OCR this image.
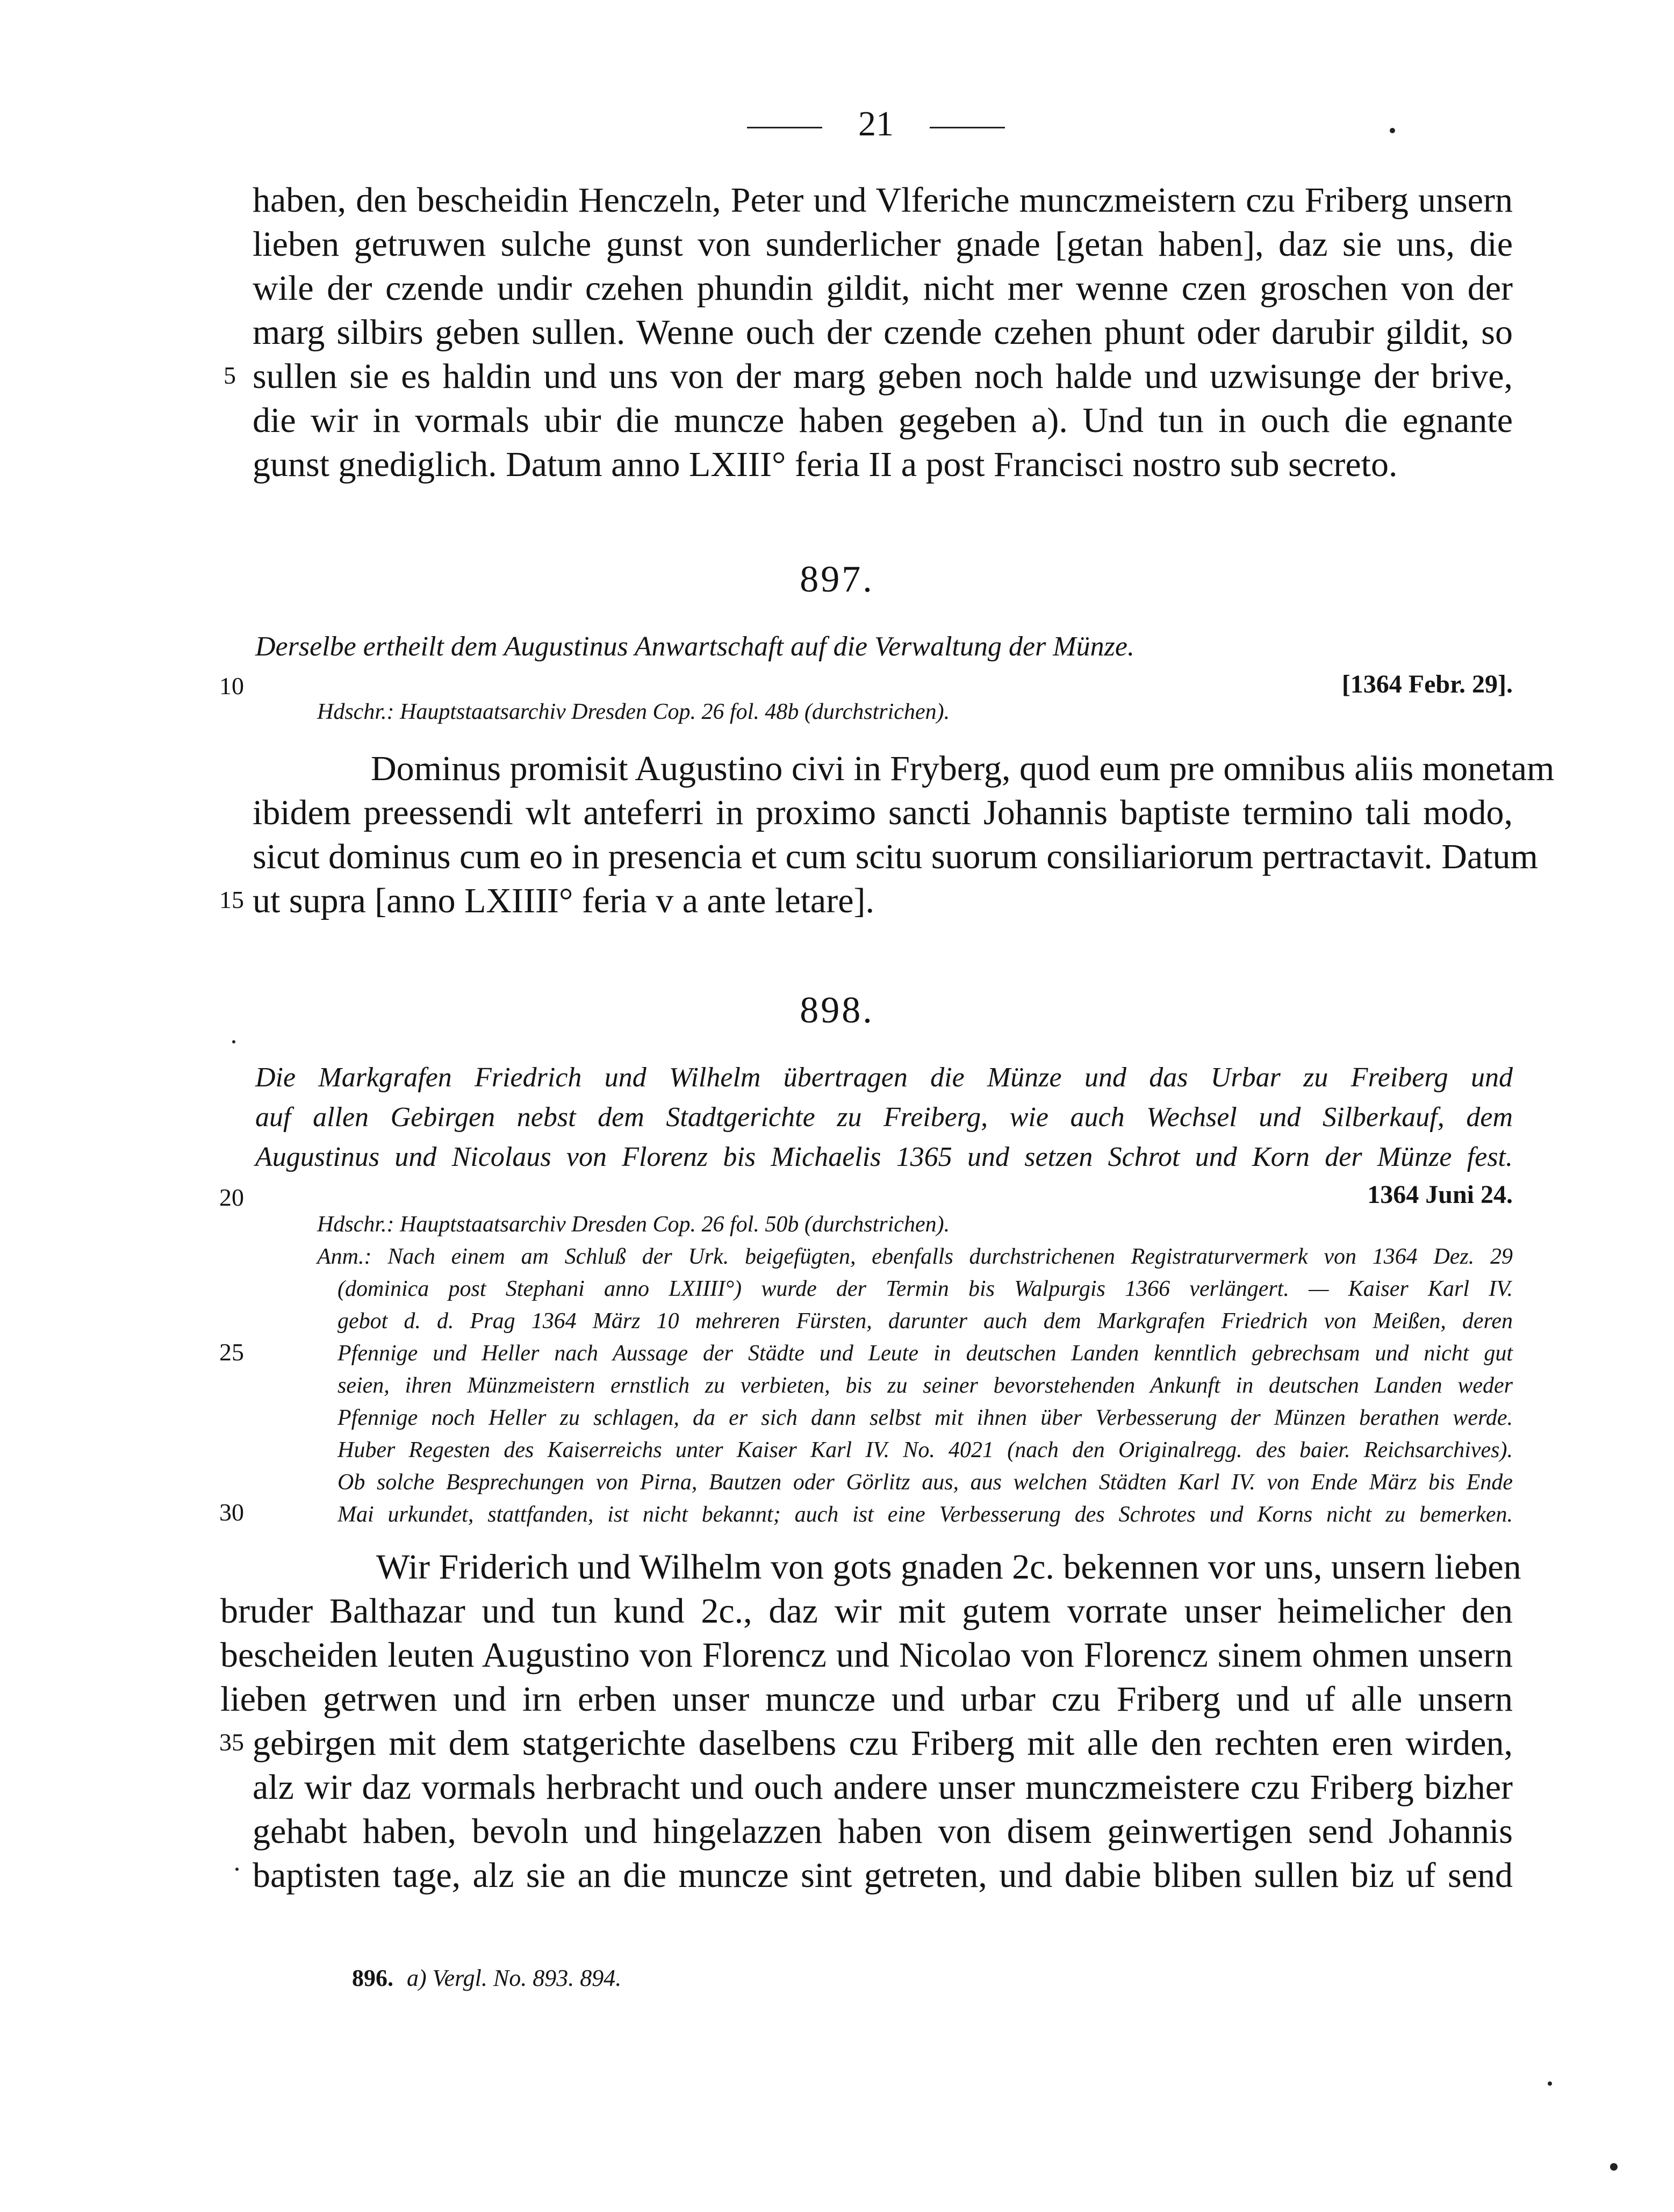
21
haben, den bescheidin Henczeln, Peter und Vlferiche munczmeistern czu Friberg unsern
lieben getruwen sulche gunst von sunderlicher gnade [getan haben], daz sie uns, die
wile der czende undir czehen phundin gildit, nicht mer wenne czen groschen von der
marg silbirs geben sullen. Wenne ouch der czende czehen phunt oder darubir gildit, so
5 sullen sie es haldin und uns von der marg geben noch halde und uzwisunge der brive,
die wir in vormals ubir die muncze haben gegeben a). Und tun in ouch die egnante
gunst gnediglich. Datum anno LXIII° feria II a post Francisci nostro sub secreto.
897.
Derselbe ertheilt dem Augustinus Anwartschaft auf die Verwaltung der Münze.
10	[1364 Febr. 29].
Hdschr.: Hauptstaatsarchiv Dresden Cop. 26 fol. 48b (durchstrichen).
Dominus promisit Augustino civi in Fryberg, quod eum pre omnibus aliis monetam
ibidem preessendi wlt anteferri in proximo sancti Johannis baptiste termino tali modo,
sicut dominus cum eo in presencia et cum scitu suorum consiliariorum pertractavit. Datum
15 ut supra [anno LXIIII° feria v a ante letare].
898.
Die Markgrafen Friedrich und Wilhelm übertragen die Münze und das Urbar zu Freiberg und
auf allen Gebirgen nebst dem Stadtgerichte zu Freiberg, wie auch Wechsel und Silberkauf, dem
Augustinus und Nicolaus von Florenz bis Michaelis 1365 und setzen Schrot und Korn der Münze fest.
20	1364 Juni 24.
Hdschr.: Hauptstaatsarchiv Dresden Cop. 26 fol. 50b (durchstrichen).
Anm.: Nach einem am Schluß der Urk. beigefügten, ebenfalls durchstrichenen Registraturvermerk von 1364 Dez. 29
(dominica post Stephani anno LXIIII°) wurde der Termin bis Walpurgis 1366 verlängert. — Kaiser Karl IV.
gebot d. d. Prag 1364 März 10 mehreren Fürsten, darunter auch dem Markgrafen Friedrich von Meißen, deren
25	Pfennige und Heller nach Aussage der Städte und Leute in deutschen Landen kenntlich gebrechsam und nicht gut
seien, ihren Münzmeistern ernstlich zu verbieten, bis zu seiner bevorstehenden Ankunft in deutschen Landen weder
Pfennige noch Heller zu schlagen, da er sich dann selbst mit ihnen über Verbesserung der Münzen berathen werde.
Huber Regesten des Kaiserreichs unter Kaiser Karl IV. No. 4021 (nach den Originalregg. des baier. Reichsarchives).
Ob solche Besprechungen von Pirna, Bautzen oder Görlitz aus, aus welchen Städten Karl IV. von Ende März bis Ende
30	Mai urkundet, stattfanden, ist nicht bekannt; auch ist eine Verbesserung des Schrotes und Korns nicht zu bemerken.
Wir Friderich und Wilhelm von gots gnaden 2c. bekennen vor uns, unsern lieben
bruder Balthazar und tun kund 2c., daz wir mit gutem vorrate unser heimelicher den
bescheiden leuten Augustino von Florencz und Nicolao von Florencz sinem ohmen unsern
lieben getrwen und irn erben unser muncze und urbar czu Friberg und uf alle unsern
35 gebirgen mit dem statgerichte daselbens czu Friberg mit alle den rechten eren wirden,
alz wir daz vormals herbracht und ouch andere unser munczmeistere czu Friberg bizher
gehabt haben, bevoln und hingelazzen haben von disem geinwertigen send Johannis
baptisten tage, alz sie an die muncze sint getreten, und dabie bliben sullen biz uf send
896. a) Vergl. No. 893. 894.
